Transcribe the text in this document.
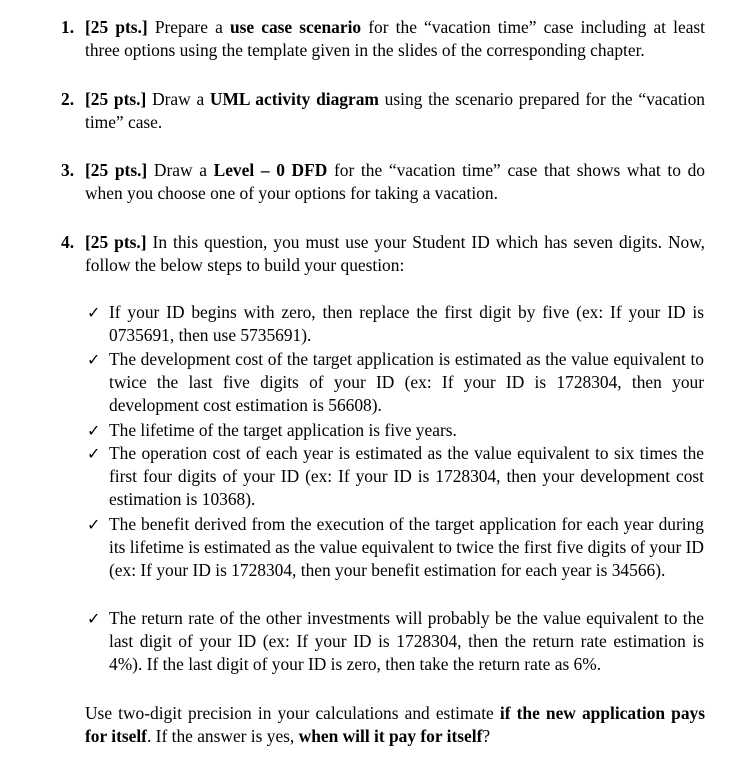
1. [25 pts.] Prepare a use case scenario for the “vacation time” case including at least three options using the template given in the slides of the corresponding chapter.

2. [25 pts.] Draw a UML activity diagram using the scenario prepared for the “vacation time” case.

3. [25 pts.] Draw a Level – 0 DFD for the “vacation time” case that shows what to do when you choose one of your options for taking a vacation.

4. [25 pts.] In this question, you must use your Student ID which has seven digits. Now, follow the below steps to build your question:

✓ If your ID begins with zero, then replace the first digit by five (ex: If your ID is 0735691, then use 5735691).
✓ The development cost of the target application is estimated as the value equivalent to twice the last five digits of your ID (ex: If your ID is 1728304, then your development cost estimation is 56608).
✓ The lifetime of the target application is five years.
✓ The operation cost of each year is estimated as the value equivalent to six times the first four digits of your ID (ex: If your ID is 1728304, then your development cost estimation is 10368).
✓ The benefit derived from the execution of the target application for each year during its lifetime is estimated as the value equivalent to twice the first five digits of your ID (ex: If your ID is 1728304, then your benefit estimation for each year is 34566).
✓ The return rate of the other investments will probably be the value equivalent to the last digit of your ID (ex: If your ID is 1728304, then the return rate estimation is 4%). If the last digit of your ID is zero, then take the return rate as 6%.
Use two-digit precision in your calculations and estimate if the new application pays for itself. If the answer is yes, when will it pay for itself?
